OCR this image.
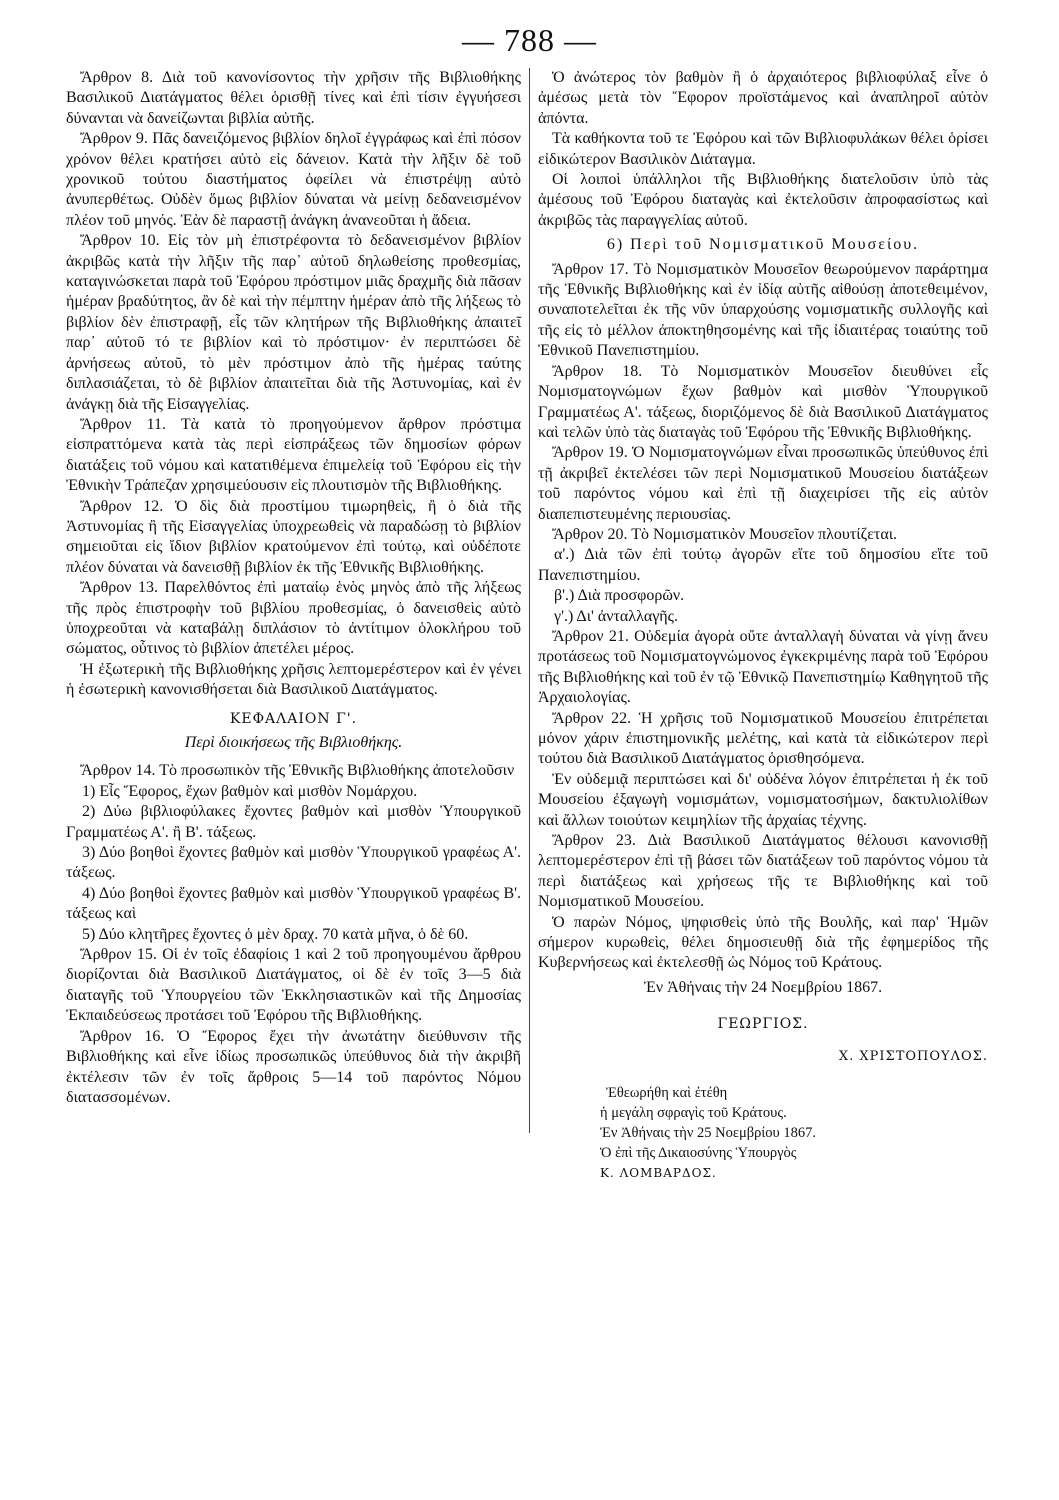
— 788 —

Ἄρθρον 8. Διὰ τοῦ κανονίσοντος τὴν χρῆσιν τῆς Βιβλιοθήκης Βασιλικοῦ Διατάγματος θέλει ὁρισθῇ τίνες καὶ ἐπὶ τίσιν ἐγγυήσεσι δύνανται νὰ δανείζωνται βιβλία αὐτῆς.

Ἄρθρον 9. Πᾶς δανειζόμενος βιβλίον δηλοῖ ἐγγράφως καὶ ἐπὶ πόσον χρόνον θέλει κρατήσει αὐτὸ εἰς δάνειον. Κατὰ τὴν λῆξιν δὲ τοῦ χρονικοῦ τούτου διαστήματος ὀφείλει νὰ ἐπιστρέψῃ αὐτὸ ἀνυπερθέτως. Οὐδὲν ὅμως βιβλίον δύναται νὰ μείνῃ δεδανεισμένον πλέον τοῦ μηνός. Ἐὰν δὲ παραστῇ ἀνάγκη ἀνανεοῦται ἡ ἄδεια.

Ἄρθρον 10. Εἰς τὸν μὴ ἐπιστρέφοντα τὸ δεδανεισμένον βιβλίον ἀκριβῶς κατὰ τὴν λῆξιν τῆς παρ᾽ αὐτοῦ δηλωθείσης προθεσμίας, καταγινώσκεται παρὰ τοῦ Ἐφόρου πρόστιμον μιᾶς δραχμῆς διὰ πᾶσαν ἡμέραν βραδύτητος, ἂν δὲ καὶ τὴν πέμπτην ἡμέραν ἀπὸ τῆς λήξεως τὸ βιβλίον δὲν ἐπιστραφῇ, εἷς τῶν κλητήρων τῆς Βιβλιοθήκης ἀπαιτεῖ παρ᾽ αὐτοῦ τό τε βιβλίον καὶ τὸ πρόστιμον· ἐν περιπτώσει δὲ ἀρνήσεως αὐτοῦ, τὸ μὲν πρόστιμον ἀπὸ τῆς ἡμέρας ταύτης διπλασιάζεται, τὸ δὲ βιβλίον ἀπαιτεῖται διὰ τῆς Ἀστυνομίας, καὶ ἐν ἀνάγκῃ διὰ τῆς Εἰσαγγελίας.

Ἄρθρον 11. Τὰ κατὰ τὸ προηγούμενον ἄρθρον πρόστιμα εἰσπραττόμενα κατὰ τὰς περὶ εἰσπράξεως τῶν δημοσίων φόρων διατάξεις τοῦ νόμου καὶ κατατιθέμενα ἐπιμελείᾳ τοῦ Ἐφόρου εἰς τὴν Ἐθνικὴν Τράπεζαν χρησιμεύουσιν εἰς πλουτισμὸν τῆς Βιβλιοθήκης.

Ἄρθρον 12. Ὁ δὶς διὰ προστίμου τιμωρηθεὶς, ἢ ὁ διὰ τῆς Ἀστυνομίας ἢ τῆς Εἰσαγγελίας ὑποχρεωθεὶς νὰ παραδώσῃ τὸ βιβλίον σημειοῦται εἰς ἴδιον βιβλίον κρατούμενον ἐπὶ τούτῳ, καὶ οὐδέποτε πλέον δύναται νὰ δανεισθῇ βιβλίον ἐκ τῆς Ἐθνικῆς Βιβλιοθήκης.

Ἄρθρον 13. Παρελθόντος ἐπὶ ματαίῳ ἑνὸς μηνὸς ἀπὸ τῆς λήξεως τῆς πρὸς ἐπιστροφὴν τοῦ βιβλίου προθεσμίας, ὁ δανεισθεὶς αὐτὸ ὑποχρεοῦται νὰ καταβάλῃ διπλάσιον τὸ ἀντίτιμον ὁλοκλήρου τοῦ σώματος, οὗτινος τὸ βιβλίον ἀπετέλει μέρος.

Ἡ ἐξωτερικὴ τῆς Βιβλιοθήκης χρῆσις λεπτομερέστερον καὶ ἐν γένει ἡ ἐσωτερικὴ κανονισθήσεται διὰ Βασιλικοῦ Διατάγματος.

ΚΕΦΑΛΑΙΟΝ Γ'.
Περὶ διοικήσεως τῆς Βιβλιοθήκης.

Ἄρθρον 14. Τὸ προσωπικὸν τῆς Ἐθνικῆς Βιβλιοθήκης ἀποτελοῦσιν

1) Εἷς Ἔφορος, ἔχων βαθμὸν καὶ μισθὸν Νομάρχου.

2) Δύω βιβλιοφύλακες ἔχοντες βαθμὸν καὶ μισθὸν Ὑπουργικοῦ Γραμματέως Α'. ἢ Β'. τάξεως.

3) Δύο βοηθοὶ ἔχοντες βαθμὸν καὶ μισθὸν Ὑπουργικοῦ γραφέως Α'. τάξεως.

4) Δύο βοηθοὶ ἔχοντες βαθμὸν καὶ μισθὸν Ὑπουργικοῦ γραφέως Β'. τάξεως καὶ

5) Δύο κλητῆρες ἔχοντες ὁ μὲν δραχ. 70 κατὰ μῆνα, ὁ δὲ 60.

Ἄρθρον 15. Οἱ ἐν τοῖς ἐδαφίοις 1 καὶ 2 τοῦ προηγουμένου ἄρθρου διορίζονται διὰ Βασιλικοῦ Διατάγματος, οἱ δὲ ἐν τοῖς 3—5 διὰ διαταγῆς τοῦ Ὑπουργείου τῶν Ἐκκλησιαστικῶν καὶ τῆς Δημοσίας Ἐκπαιδεύσεως προτάσει τοῦ Ἐφόρου τῆς Βιβλιοθήκης.

Ἄρθρον 16. Ὁ Ἔφορος ἔχει τὴν ἀνωτάτην διεύθυνσιν τῆς Βιβλιοθήκης καὶ εἶνε ἰδίως προσωπικῶς ὑπεύθυνος διὰ τὴν ἀκριβῆ ἐκτέλεσιν τῶν ἐν τοῖς ἄρθροις 5—14 τοῦ παρόντος Νόμου διατασσομένων.

Ὁ ἀνώτερος τὸν βαθμὸν ἢ ὁ ἀρχαιότερος βιβλιοφύλαξ εἶνε ὁ ἀμέσως μετὰ τὸν Ἔφορον προϊστάμενος καὶ ἀναπληροῖ αὐτὸν ἀπόντα.

Τὰ καθήκοντα τοῦ τε Ἐφόρου καὶ τῶν Βιβλιοφυλάκων θέλει ὁρίσει εἰδικώτερον Βασιλικὸν Διάταγμα.

Οἱ λοιποὶ ὑπάλληλοι τῆς Βιβλιοθήκης διατελοῦσιν ὑπὸ τὰς ἀμέσους τοῦ Ἐφόρου διαταγὰς καὶ ἐκτελοῦσιν ἀπροφασίστως καὶ ἀκριβῶς τὰς παραγγελίας αὐτοῦ.

6) Περὶ τοῦ Νομισματικοῦ Μουσείου.

Ἄρθρον 17. Τὸ Νομισματικὸν Μουσεῖον θεωρούμενον παράρτημα τῆς Ἐθνικῆς Βιβλιοθήκης καὶ ἐν ἰδίᾳ αὐτῆς αἰθούσῃ ἀποτεθειμένον, συναποτελεῖται ἐκ τῆς νῦν ὑπαρχούσης νομισματικῆς συλλογῆς καὶ τῆς εἰς τὸ μέλλον ἀποκτηθησομένης καὶ τῆς ἰδιαιτέρας τοιαύτης τοῦ Ἐθνικοῦ Πανεπιστημίου.

Ἄρθρον 18. Τὸ Νομισματικὸν Μουσεῖον διευθύνει εἷς Νομισματογνώμων ἔχων βαθμὸν καὶ μισθὸν Ὑπουργικοῦ Γραμματέως Α'. τάξεως, διοριζόμενος δὲ διὰ Βασιλικοῦ Διατάγματος καὶ τελῶν ὑπὸ τὰς διαταγὰς τοῦ Ἐφόρου τῆς Ἐθνικῆς Βιβλιοθήκης.

Ἄρθρον 19. Ὁ Νομισματογνώμων εἶναι προσωπικῶς ὑπεύθυνος ἐπὶ τῇ ἀκριβεῖ ἐκτελέσει τῶν περὶ Νομισματικοῦ Μουσείου διατάξεων τοῦ παρόντος νόμου καὶ ἐπὶ τῇ διαχειρίσει τῆς εἰς αὐτὸν διαπεπιστευμένης περιουσίας.

Ἄρθρον 20. Τὸ Νομισματικὸν Μουσεῖον πλουτίζεται.

α'.) Διὰ τῶν ἐπὶ τούτῳ ἀγορῶν εἴτε τοῦ δημοσίου εἴτε τοῦ Πανεπιστημίου.

β'.) Διὰ προσφορῶν.

γ'.) Δι' ἀνταλλαγῆς.

Ἄρθρον 21. Οὐδεμία ἀγορὰ οὔτε ἀνταλλαγὴ δύναται νὰ γίνῃ ἄνευ προτάσεως τοῦ Νομισματογνώμονος ἐγκεκριμένης παρὰ τοῦ Ἐφόρου τῆς Βιβλιοθήκης καὶ τοῦ ἐν τῷ Ἐθνικῷ Πανεπιστημίῳ Καθηγητοῦ τῆς Ἀρχαιολογίας.

Ἄρθρον 22. Ἡ χρῆσις τοῦ Νομισματικοῦ Μουσείου ἐπιτρέπεται μόνον χάριν ἐπιστημονικῆς μελέτης, καὶ κατὰ τὰ εἰδικώτερον περὶ τούτου διὰ Βασιλικοῦ Διατάγματος ὁρισθησόμενα.

Ἐν οὐδεμιᾷ περιπτώσει καὶ δι' οὐδένα λόγον ἐπιτρέπεται ἡ ἐκ τοῦ Μουσείου ἐξαγωγὴ νομισμάτων, νομισματοσήμων, δακτυλιολίθων καὶ ἄλλων τοιούτων κειμηλίων τῆς ἀρχαίας τέχνης.

Ἄρθρον 23. Διὰ Βασιλικοῦ Διατάγματος θέλουσι κανονισθῇ λεπτομερέστερον ἐπὶ τῇ βάσει τῶν διατάξεων τοῦ παρόντος νόμου τὰ περὶ διατάξεως καὶ χρήσεως τῆς τε Βιβλιοθήκης καὶ τοῦ Νομισματικοῦ Μουσείου.

Ὁ παρὼν Νόμος, ψηφισθεὶς ὑπὸ τῆς Βουλῆς, καὶ παρ' Ἡμῶν σήμερον κυρωθεὶς, θέλει δημοσιευθῇ διὰ τῆς ἐφημερίδος τῆς Κυβερνήσεως καὶ ἐκτελεσθῇ ὡς Νόμος τοῦ Κράτους.

Ἐν Ἀθήναις τὴν 24 Νοεμβρίου 1867.
ΓΕΩΡΓΙΟΣ.
Χ. ΧΡΙΣΤΟΠΟΥΛΟΣ.
Ἐθεωρήθη καὶ ἐτέθη
ἡ μεγάλη σφραγὶς τοῦ Κράτους.
Ἐν Ἀθήναις τὴν 25 Νοεμβρίου 1867.
Ὁ ἐπὶ τῆς Δικαιοσύνης Ὑπουργὸς
Κ. ΛΟΜΒΑΡΔΟΣ.
